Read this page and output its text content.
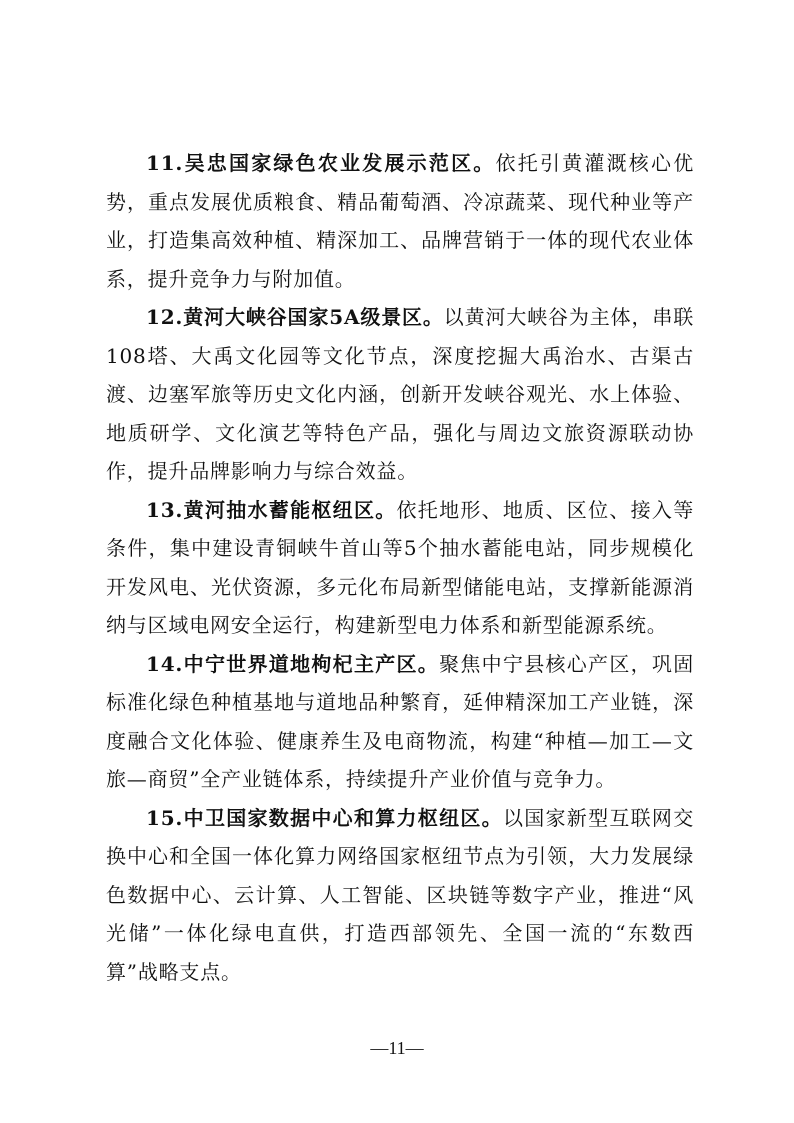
11.吴忠国家绿色农业发展示范区。依托引黄灌溉核心优势，重点发展优质粮食、精品葡萄酒、冷凉蔬菜、现代种业等产业，打造集高效种植、精深加工、品牌营销于一体的现代农业体系，提升竞争力与附加值。

12.黄河大峡谷国家5A级景区。以黄河大峡谷为主体，串联108塔、大禹文化园等文化节点，深度挖掘大禹治水、古渠古渡、边塞军旅等历史文化内涵，创新开发峡谷观光、水上体验、地质研学、文化演艺等特色产品，强化与周边文旅资源联动协作，提升品牌影响力与综合效益。

13.黄河抽水蓄能枢纽区。依托地形、地质、区位、接入等条件，集中建设青铜峡牛首山等5个抽水蓄能电站，同步规模化开发风电、光伏资源，多元化布局新型储能电站，支撑新能源消纳与区域电网安全运行，构建新型电力体系和新型能源系统。

14.中宁世界道地枸杞主产区。聚焦中宁县核心产区，巩固标准化绿色种植基地与道地品种繁育，延伸精深加工产业链，深度融合文化体验、健康养生及电商物流，构建“种植—加工—文旅—商贸”全产业链体系，持续提升产业价值与竞争力。

15.中卫国家数据中心和算力枢纽区。以国家新型互联网交换中心和全国一体化算力网络国家枢纽节点为引领，大力发展绿色数据中心、云计算、人工智能、区块链等数字产业，推进“风光储”一体化绿电直供，打造西部领先、全国一流的“东数西算”战略支点。

—11—
